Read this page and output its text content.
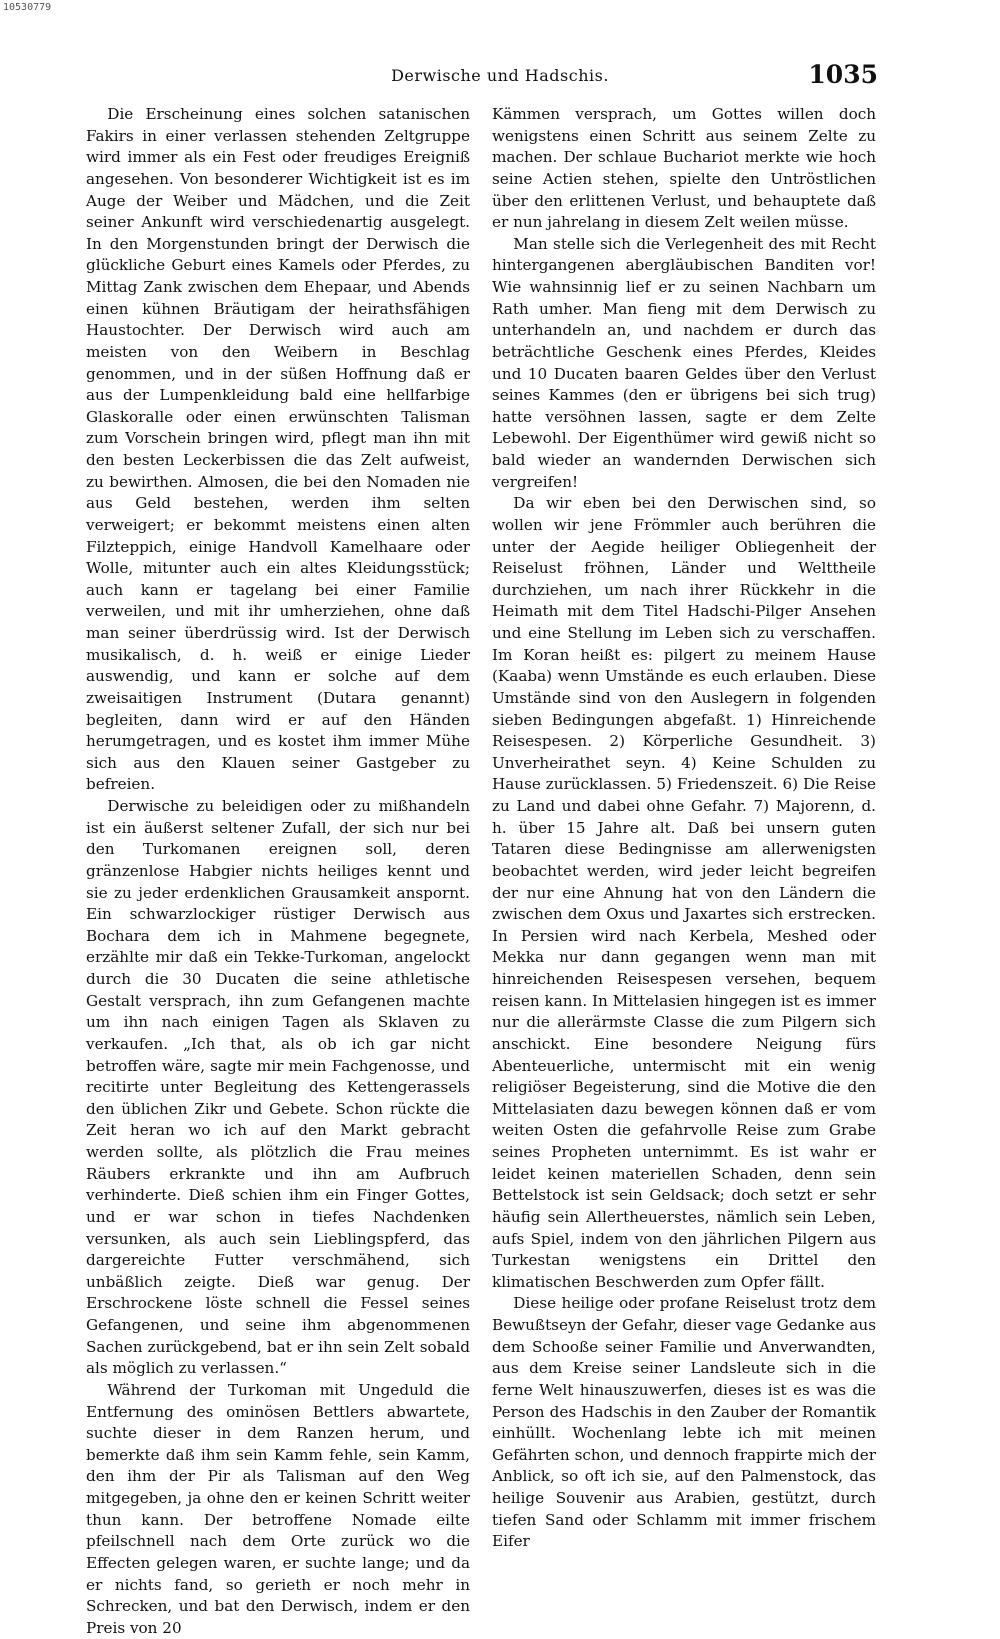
10530779
Derwische und Hadschis.	1035

Die Erscheinung eines solchen satanischen Fakirs in einer verlassen stehenden Zeltgruppe wird immer als ein Fest oder freudiges Ereigniß angesehen. Von besonderer Wichtigkeit ist es im Auge der Weiber und Mädchen, und die Zeit seiner Ankunft wird verschiedenartig ausgelegt. In den Morgenstunden bringt der Derwisch die glückliche Geburt eines Kamels oder Pferdes, zu Mittag Zank zwischen dem Ehepaar, und Abends einen kühnen Bräutigam der heirathsfähigen Haustochter. Der Derwisch wird auch am meisten von den Weibern in Beschlag genommen, und in der süßen Hoffnung daß er aus der Lumpenkleidung bald eine hellfarbige Glaskoralle oder einen erwünschten Talisman zum Vorschein bringen wird, pflegt man ihn mit den besten Leckerbissen die das Zelt aufweist, zu bewirthen. Almosen, die bei den Nomaden nie aus Geld bestehen, werden ihm selten verweigert; er bekommt meistens einen alten Filzteppich, einige Handvoll Kamelhaare oder Wolle, mitunter auch ein altes Kleidungsstück; auch kann er tagelang bei einer Familie verweilen, und mit ihr umherziehen, ohne daß man seiner überdrüssig wird. Ist der Derwisch musikalisch, d. h. weiß er einige Lieder auswendig, und kann er solche auf dem zweisaitigen Instrument (Dutara genannt) begleiten, dann wird er auf den Händen herumgetragen, und es kostet ihm immer Mühe sich aus den Klauen seiner Gastgeber zu befreien.

Derwische zu beleidigen oder zu mißhandeln ist ein äußerst seltener Zufall, der sich nur bei den Turkomanen ereignen soll, deren gränzenlose Habgier nichts heiliges kennt und sie zu jeder erdenklichen Grausamkeit anspornt. Ein schwarzlockiger rüstiger Derwisch aus Bochara dem ich in Mahmene begegnete, erzählte mir daß ein Tekke-Turkoman, angelockt durch die 30 Ducaten die seine athletische Gestalt versprach, ihn zum Gefangenen machte um ihn nach einigen Tagen als Sklaven zu verkaufen. „Ich that, als ob ich gar nicht betroffen wäre, sagte mir mein Fachgenosse, und recitirte unter Begleitung des Kettengerassels den üblichen Zikr und Gebete. Schon rückte die Zeit heran wo ich auf den Markt gebracht werden sollte, als plötzlich die Frau meines Räubers erkrankte und ihn am Aufbruch verhinderte. Dieß schien ihm ein Finger Gottes, und er war schon in tiefes Nachdenken versunken, als auch sein Lieblingspferd, das dargereichte Futter verschmähend, sich unbäßlich zeigte. Dieß war genug. Der Erschrockene löste schnell die Fessel seines Gefangenen, und seine ihm abgenommenen Sachen zurückgebend, bat er ihn sein Zelt sobald als möglich zu verlassen.“

Während der Turkoman mit Ungeduld die Entfernung des ominösen Bettlers abwartete, suchte dieser in dem Ranzen herum, und bemerkte daß ihm sein Kamm fehle, sein Kamm, den ihm der Pir als Talisman auf den Weg mitgegeben, ja ohne den er keinen Schritt weiter thun kann. Der betroffene Nomade eilte pfeilschnell nach dem Orte zurück wo die Effecten gelegen waren, er suchte lange; und da er nichts fand, so gerieth er noch mehr in Schrecken, und bat den Derwisch, indem er den Preis von 20

Kämmen versprach, um Gottes willen doch wenigstens einen Schritt aus seinem Zelte zu machen. Der schlaue Buchariot merkte wie hoch seine Actien stehen, spielte den Untröstlichen über den erlittenen Verlust, und behauptete daß er nun jahrelang in diesem Zelt weilen müsse.

Man stelle sich die Verlegenheit des mit Recht hintergangenen abergläubischen Banditen vor! Wie wahnsinnig lief er zu seinen Nachbarn um Rath umher. Man fieng mit dem Derwisch zu unterhandeln an, und nachdem er durch das beträchtliche Geschenk eines Pferdes, Kleides und 10 Ducaten baaren Geldes über den Verlust seines Kammes (den er übrigens bei sich trug) hatte versöhnen lassen, sagte er dem Zelte Lebewohl. Der Eigenthümer wird gewiß nicht so bald wieder an wandernden Derwischen sich vergreifen!

Da wir eben bei den Derwischen sind, so wollen wir jene Frömmler auch berühren die unter der Aegide heiliger Obliegenheit der Reiselust fröhnen, Länder und Welttheile durchziehen, um nach ihrer Rückkehr in die Heimath mit dem Titel Hadschi-Pilger Ansehen und eine Stellung im Leben sich zu verschaffen. Im Koran heißt es: pilgert zu meinem Hause (Kaaba) wenn Umstände es euch erlauben. Diese Umstände sind von den Auslegern in folgenden sieben Bedingungen abgefaßt. 1) Hinreichende Reisespesen. 2) Körperliche Gesundheit. 3) Unverheirathet seyn. 4) Keine Schulden zu Hause zurücklassen. 5) Friedenszeit. 6) Die Reise zu Land und dabei ohne Gefahr. 7) Majorenn, d. h. über 15 Jahre alt. Daß bei unsern guten Tataren diese Bedingnisse am allerwenigsten beobachtet werden, wird jeder leicht begreifen der nur eine Ahnung hat von den Ländern die zwischen dem Oxus und Jaxartes sich erstrecken. In Persien wird nach Kerbela, Meshed oder Mekka nur dann gegangen wenn man mit hinreichenden Reisespesen versehen, bequem reisen kann. In Mittelasien hingegen ist es immer nur die allerärmste Classe die zum Pilgern sich anschickt. Eine besondere Neigung fürs Abenteuerliche, untermischt mit ein wenig religiöser Begeisterung, sind die Motive die den Mittelasiaten dazu bewegen können daß er vom weiten Osten die gefahrvolle Reise zum Grabe seines Propheten unternimmt. Es ist wahr er leidet keinen materiellen Schaden, denn sein Bettelstock ist sein Geldsack; doch setzt er sehr häufig sein Allertheuerstes, nämlich sein Leben, aufs Spiel, indem von den jährlichen Pilgern aus Turkestan wenigstens ein Drittel den klimatischen Beschwerden zum Opfer fällt.

Diese heilige oder profane Reiselust trotz dem Bewußtseyn der Gefahr, dieser vage Gedanke aus dem Schooße seiner Familie und Anverwandten, aus dem Kreise seiner Landsleute sich in die ferne Welt hinauszuwerfen, dieses ist es was die Person des Hadschis in den Zauber der Romantik einhüllt. Wochenlang lebte ich mit meinen Gefährten schon, und dennoch frappirte mich der Anblick, so oft ich sie, auf den Palmenstock, das heilige Souvenir aus Arabien, gestützt, durch tiefen Sand oder Schlamm mit immer frischem Eifer
